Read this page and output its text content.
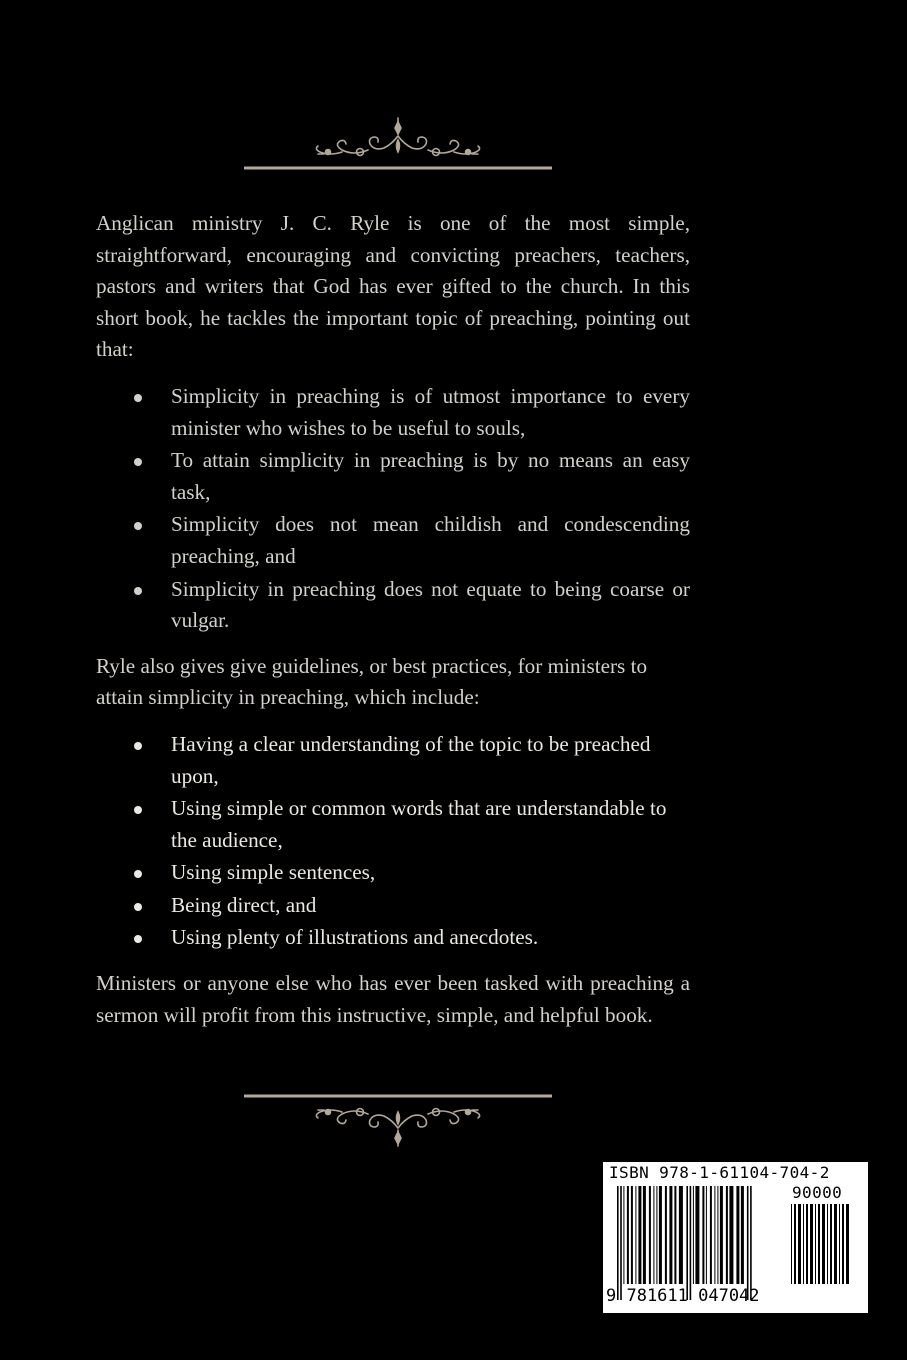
Anglican ministry J. C. Ryle is one of the most simple, straightforward, encouraging and convicting preachers, teachers, pastors and writers that God has ever gifted to the church. In this short book, he tackles the important topic of preaching, pointing out that:

Simplicity in preaching is of utmost importance to every minister who wishes to be useful to souls,
To attain simplicity in preaching is by no means an easy task,
Simplicity does not mean childish and condescending preaching, and
Simplicity in preaching does not equate to being coarse or vulgar.

Ryle also gives give guidelines, or best practices, for ministers to attain simplicity in preaching, which include:

Having a clear understanding of the topic to be preached upon,
Using simple or common words that are understandable to the audience,
Using simple sentences,
Being direct, and
Using plenty of illustrations and anecdotes.

Ministers or anyone else who has ever been tasked with preaching a sermon will profit from this instructive, simple, and helpful book.

ISBN 978-1-61104-704-2
90000
9 781611 047042
